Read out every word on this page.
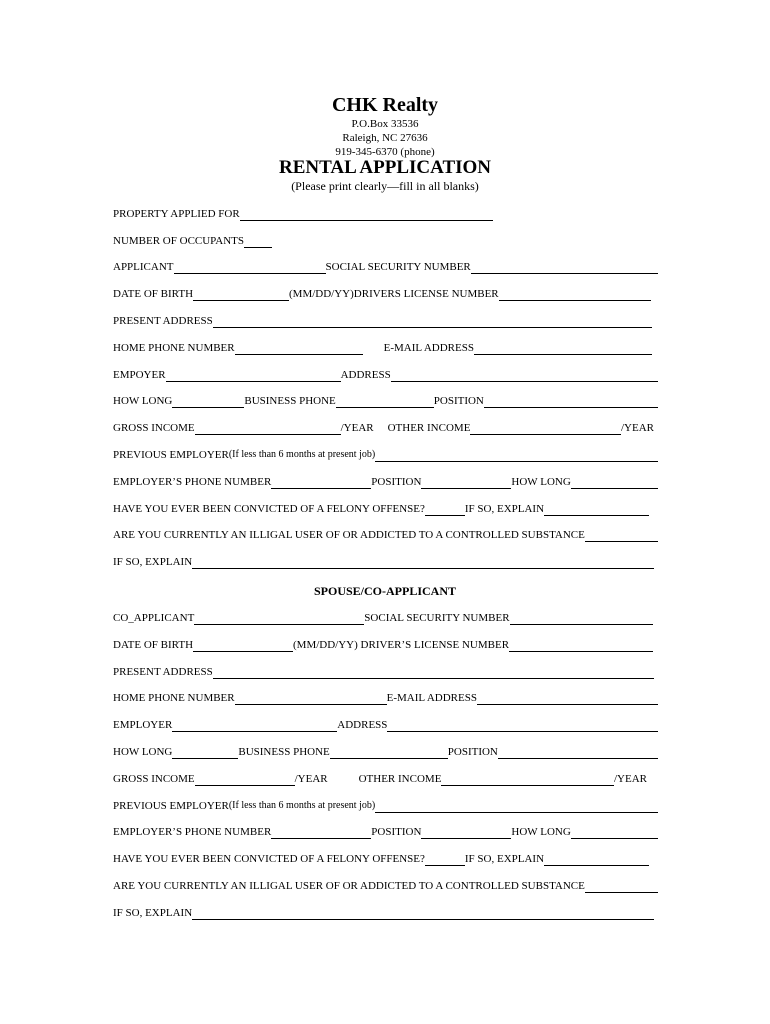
CHK Realty
P.O.Box 33536
Raleigh, NC 27636
919-345-6370 (phone)
RENTAL APPLICATION
(Please print clearly—fill in all blanks)
PROPERTY APPLIED FOR
NUMBER OF OCCUPANTS
APPLICANT	SOCIAL SECURITY NUMBER
DATE OF BIRTH	(MM/DD/YY)DRIVERS LICENSE NUMBER
PRESENT ADDRESS
HOME PHONE NUMBER	E-MAIL ADDRESS
EMPOYER	ADDRESS
HOW LONG	BUSINESS PHONE	POSITION
GROSS INCOME	/YEAR OTHER INCOME	/YEAR
PREVIOUS EMPLOYER (If less than 6 months at present job)
EMPLOYER’S PHONE NUMBER	POSITION	HOW LONG
HAVE YOU EVER BEEN CONVICTED OF A FELONY OFFENSE?	IF SO, EXPLAIN
ARE YOU CURRENTLY AN ILLIGAL USER OF OR ADDICTED TO A CONTROLLED SUBSTANCE
IF SO, EXPLAIN
SPOUSE/CO-APPLICANT
CO_APPLICANT	SOCIAL SECURITY NUMBER
DATE OF BIRTH	(MM/DD/YY) DRIVER’S LICENSE NUMBER
PRESENT ADDRESS
HOME PHONE NUMBER	E-MAIL ADDRESS
EMPLOYER	ADDRESS
HOW LONG	BUSINESS PHONE	POSITION
GROSS INCOME	/YEAR	OTHER INCOME	/YEAR
PREVIOUS EMPLOYER (If less than 6 months at present job)
EMPLOYER’S PHONE NUMBER	POSITION	HOW LONG
HAVE YOU EVER BEEN CONVICTED OF A FELONY OFFENSE?	IF SO, EXPLAIN
ARE YOU CURRENTLY AN ILLIGAL USER OF OR ADDICTED TO A CONTROLLED SUBSTANCE
IF SO, EXPLAIN
